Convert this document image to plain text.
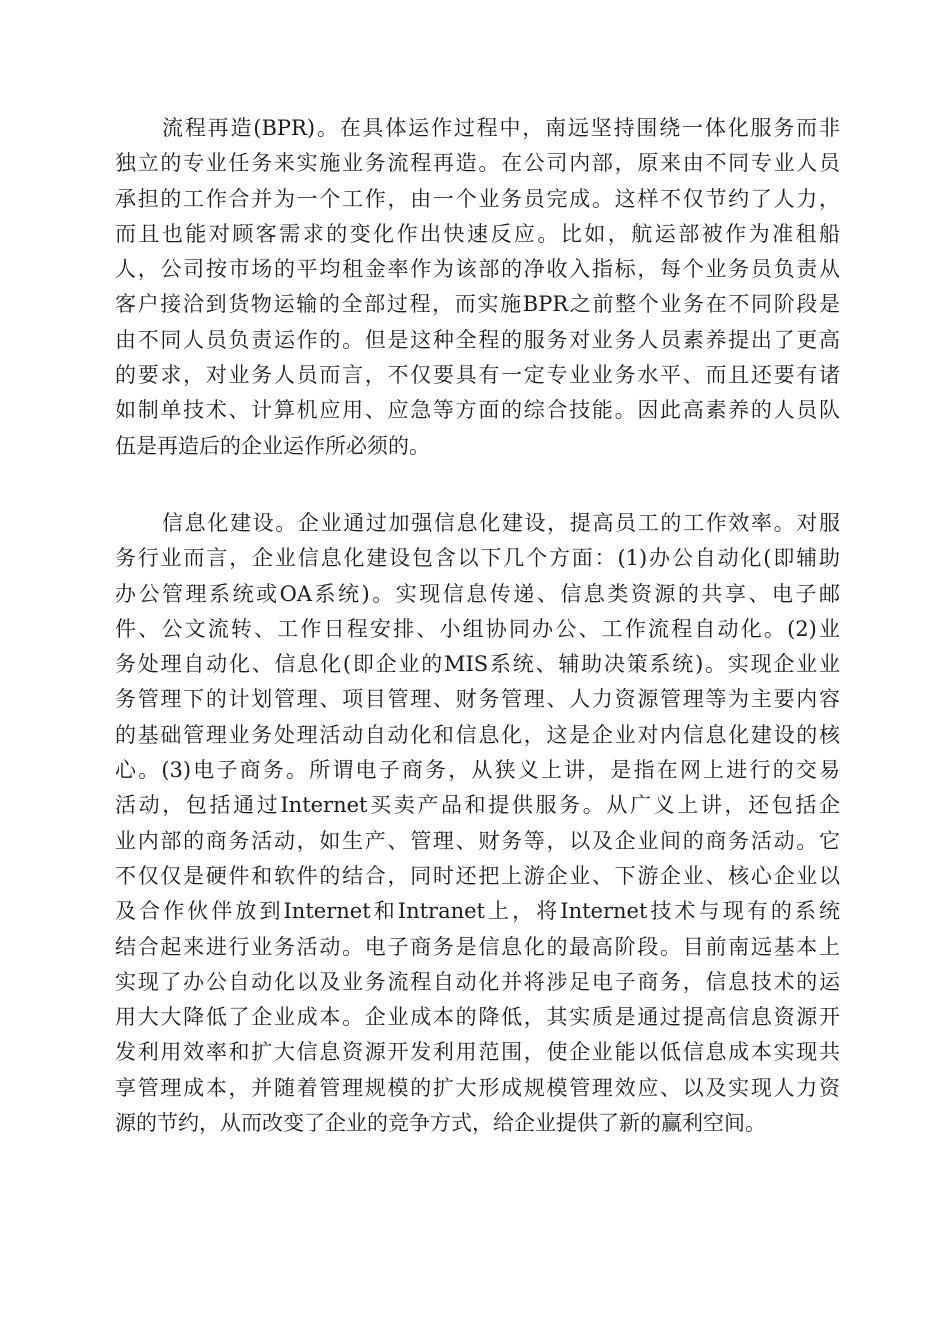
流程再造(BPR)。在具体运作过程中，南远坚持围绕一体化服务而非
独立的专业任务来实施业务流程再造。在公司内部，原来由不同专业人员
承担的工作合并为一个工作，由一个业务员完成。这样不仅节约了人力，
而且也能对顾客需求的变化作出快速反应。比如，航运部被作为准租船
人，公司按市场的平均租金率作为该部的净收入指标，每个业务员负责从
客户接洽到货物运输的全部过程，而实施BPR之前整个业务在不同阶段是
由不同人员负责运作的。但是这种全程的服务对业务人员素养提出了更高
的要求，对业务人员而言，不仅要具有一定专业业务水平、而且还要有诸
如制单技术、计算机应用、应急等方面的综合技能。因此高素养的人员队
伍是再造后的企业运作所必须的。
信息化建设。企业通过加强信息化建设，提高员工的工作效率。对服
务行业而言，企业信息化建设包含以下几个方面：(1)办公自动化(即辅助
办公管理系统或OA系统)。实现信息传递、信息类资源的共享、电子邮
件、公文流转、工作日程安排、小组协同办公、工作流程自动化。(2)业
务处理自动化、信息化(即企业的MIS系统、辅助决策系统)。实现企业业
务管理下的计划管理、项目管理、财务管理、人力资源管理等为主要内容
的基础管理业务处理活动自动化和信息化，这是企业对内信息化建设的核
心。(3)电子商务。所谓电子商务，从狭义上讲，是指在网上进行的交易
活动，包括通过Internet买卖产品和提供服务。从广义上讲，还包括企
业内部的商务活动，如生产、管理、财务等，以及企业间的商务活动。它
不仅仅是硬件和软件的结合，同时还把上游企业、下游企业、核心企业以
及合作伙伴放到Internet和Intranet上，将Internet技术与现有的系统
结合起来进行业务活动。电子商务是信息化的最高阶段。目前南远基本上
实现了办公自动化以及业务流程自动化并将涉足电子商务，信息技术的运
用大大降低了企业成本。企业成本的降低，其实质是通过提高信息资源开
发利用效率和扩大信息资源开发利用范围，使企业能以低信息成本实现共
享管理成本，并随着管理规模的扩大形成规模管理效应、以及实现人力资
源的节约，从而改变了企业的竞争方式，给企业提供了新的赢利空间。
